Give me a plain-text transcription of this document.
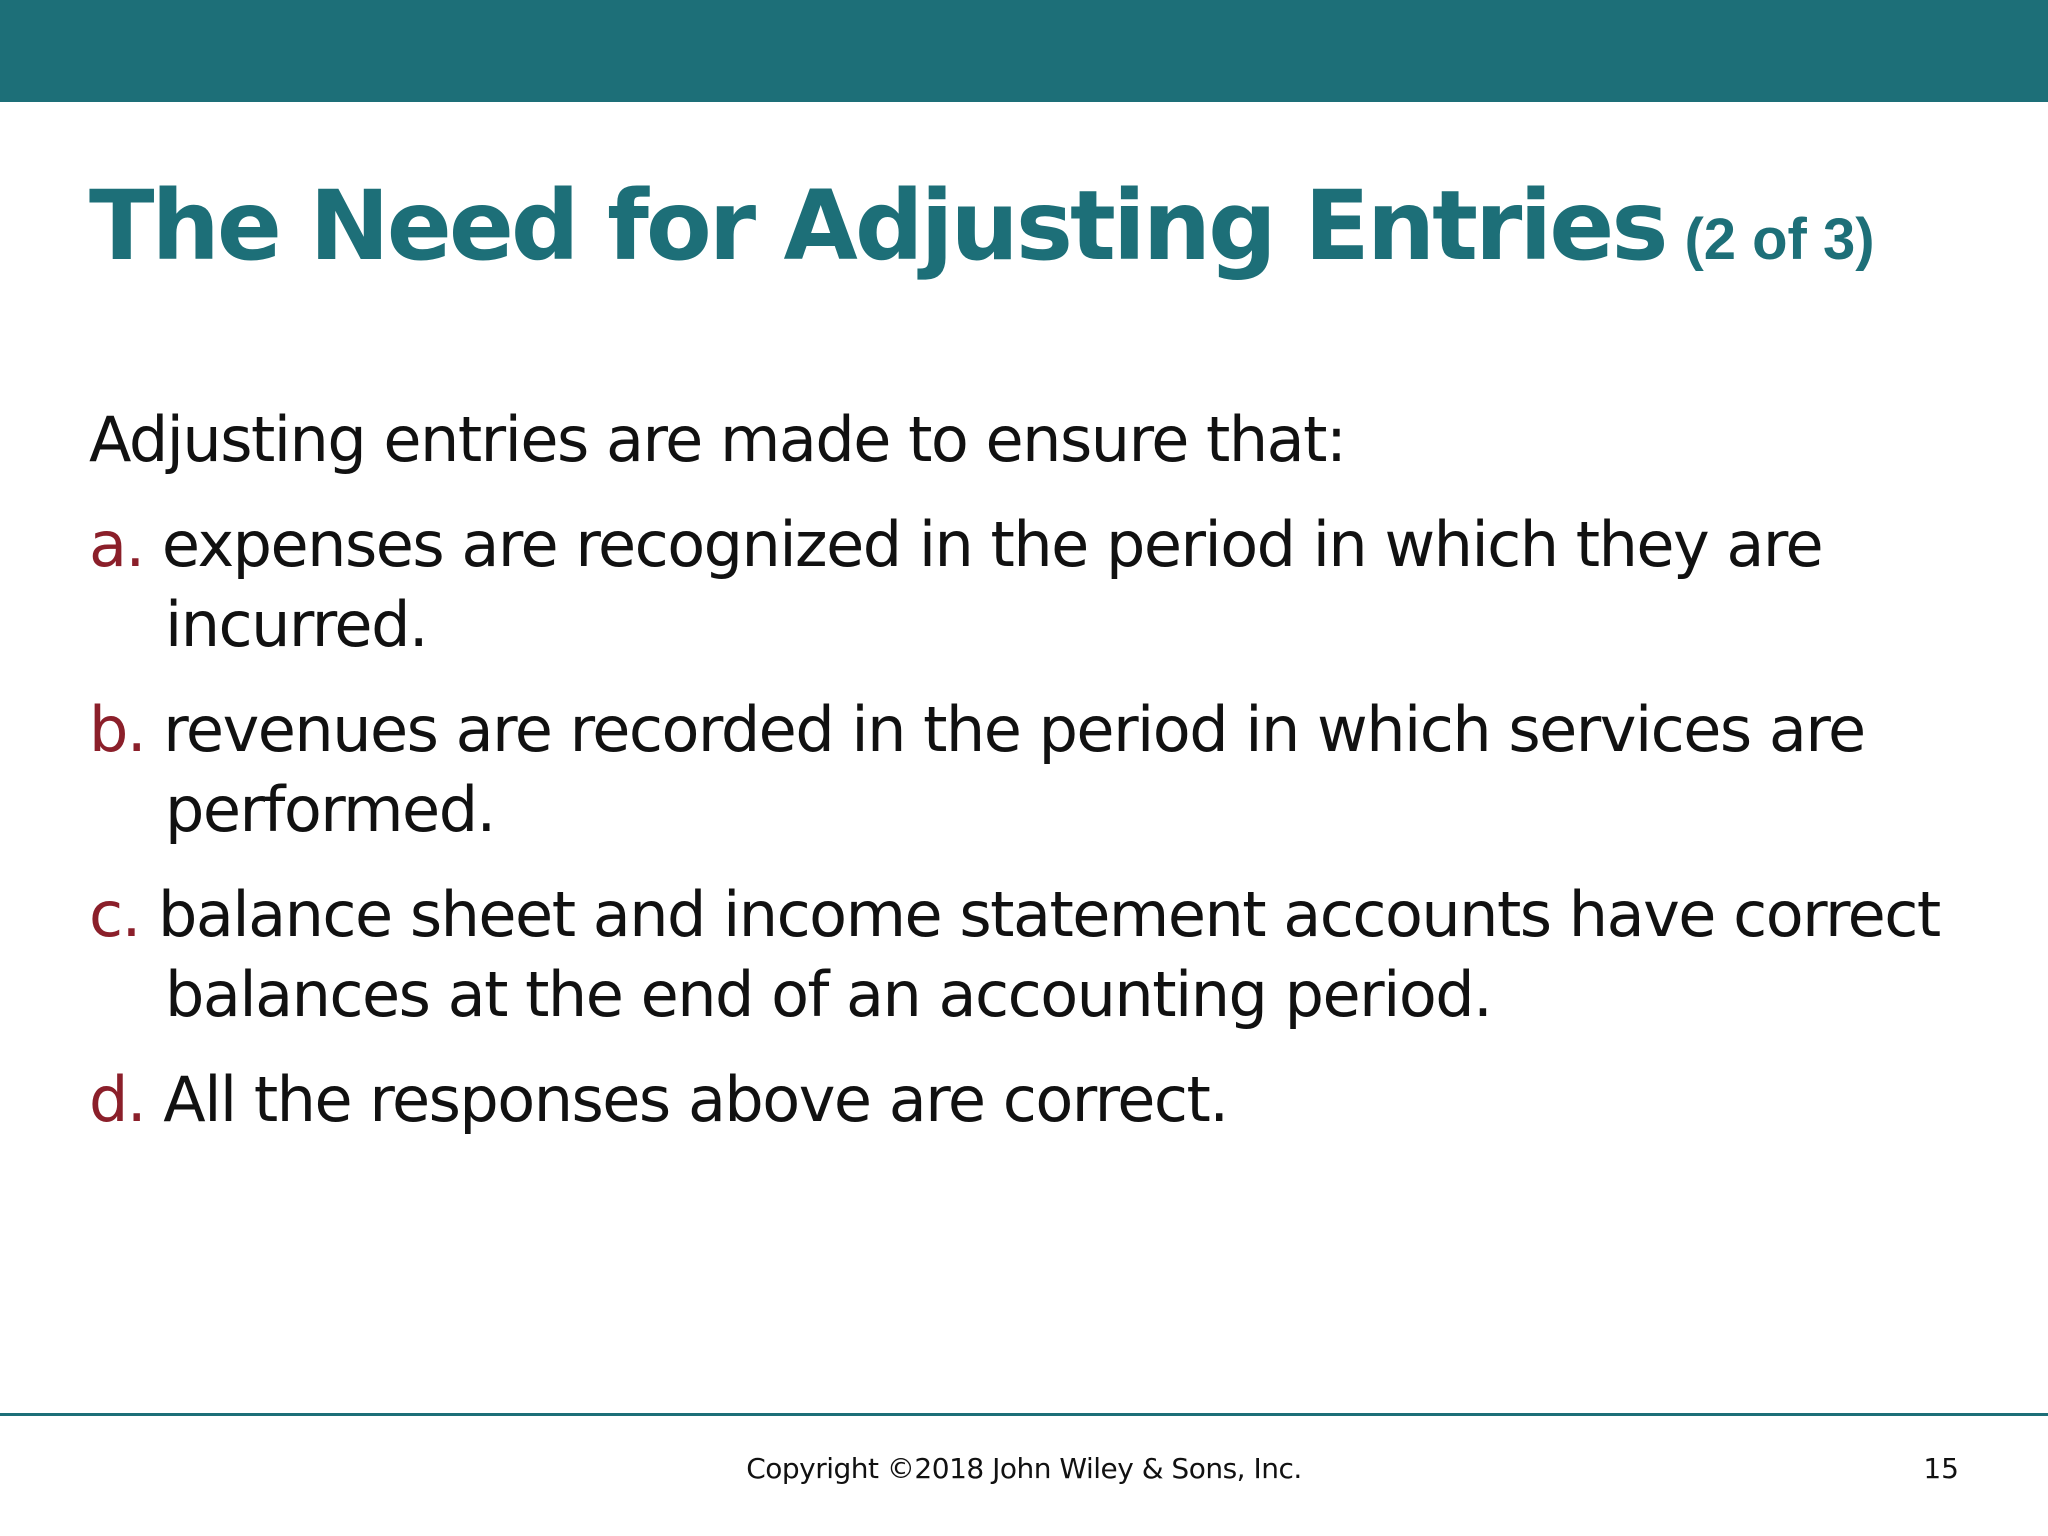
The Need for Adjusting Entries (2 of 3)

Adjusting entries are made to ensure that:

a. expenses are recognized in the period in which they are incurred.

b. revenues are recorded in the period in which services are performed.

c. balance sheet and income statement accounts have correct balances at the end of an accounting period.

d. All the responses above are correct.

Copyright ©2018 John Wiley & Sons, Inc.	15
